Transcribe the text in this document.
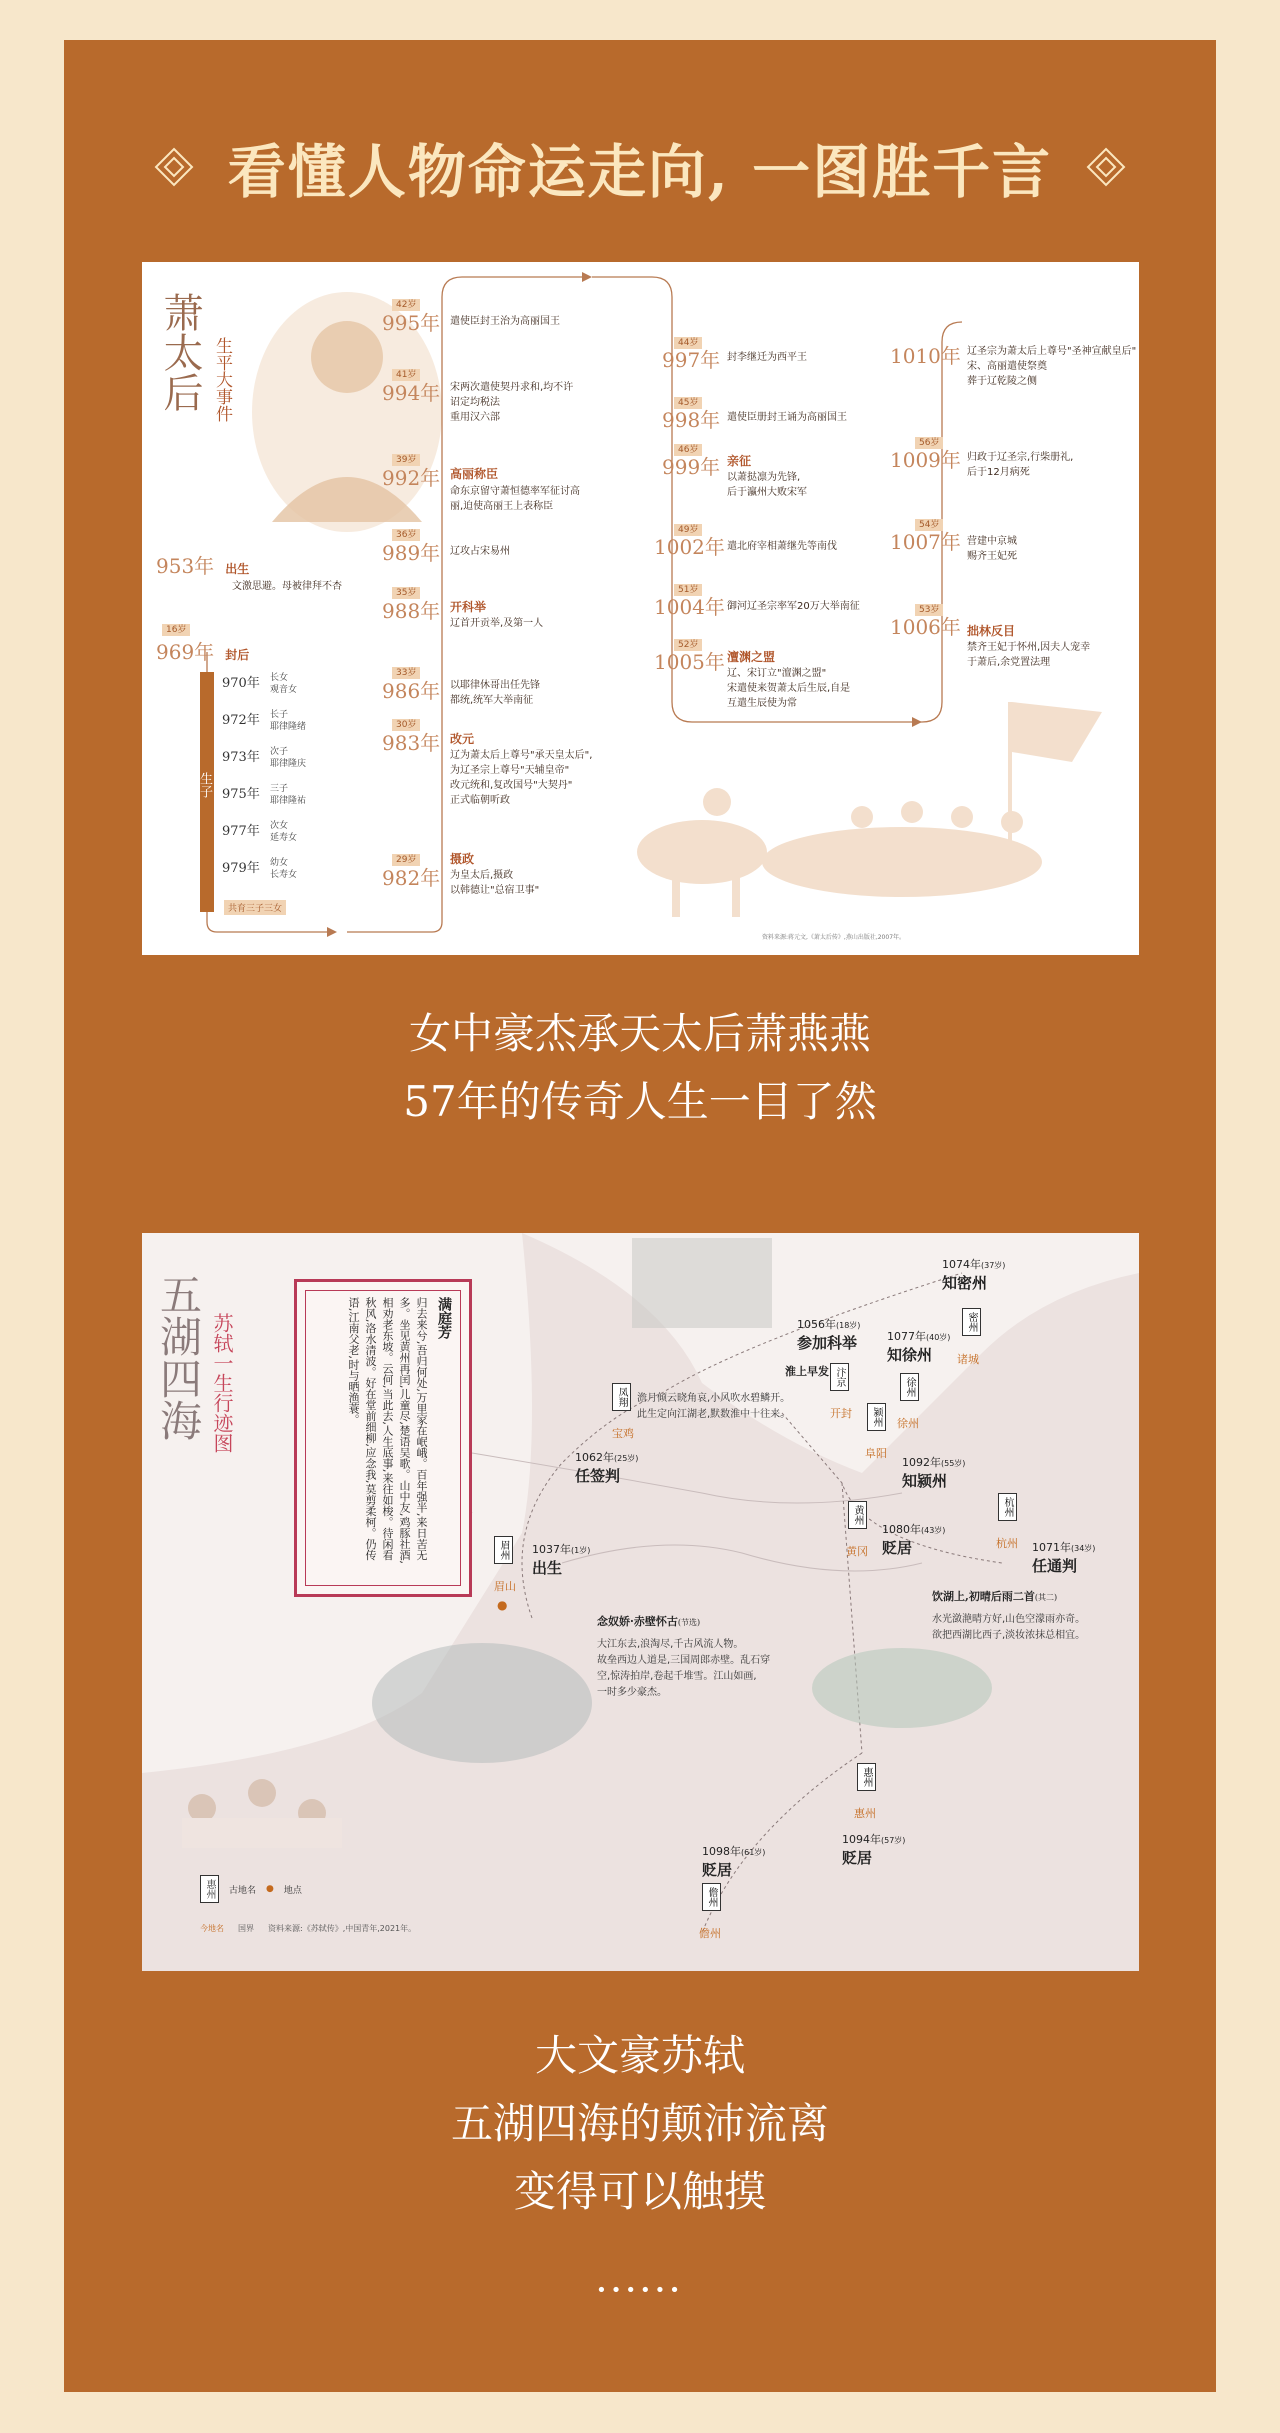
看懂人物命运走向, 一图胜千言
萧太后 生平大事件
953年 出生
文激思避。母被律拜不杏
16岁
969年 封后
生子
970年	长女
观音女
972年	长子
耶律隆绪
973年	次子
耶律隆庆
975年	三子
耶律隆祐
977年	次女
延寿女
979年	幼女
长寿女
共育三子三女
42岁
995年 遣使臣封王治为高丽国王
41岁
994年 宋两次遣使契丹求和,均不许
诏定均税法
重用汉六部
39岁
992年 高丽称臣
命东京留守萧恒德率军征讨高
丽,迫使高丽王上表称臣
36岁
989年 辽攻占宋易州
35岁
988年 开科举
辽首开贡举,及第一人
33岁
986年 以耶律休哥出任先锋
都统,统军大举南征
30岁
983年 改元
辽为萧太后上尊号"承天皇太后",
为辽圣宗上尊号"天辅皇帝"
改元统和,复改国号"大契丹"
正式临朝听政
29岁
982年
摄政
为皇太后,摄政
以韩德让"总宿卫事"
44岁
997年 封李继迁为西平王
45岁
998年 遣使臣册封王诵为高丽国王
46岁
999年 亲征
以萧挞凛为先锋,
后于瀛州大败宋军
49岁
1002年 遣北府宰相萧继先等南伐
51岁
1004年 御河辽圣宗率军20万大举南征
52岁
1005年 澶渊之盟
辽、宋订立"澶渊之盟"
宋遣使来贺萧太后生辰,自是
互遣生辰使为常
1010年 辽圣宗为萧太后上尊号"圣神宣献皇后"
宋、高丽遣使祭奠
葬于辽乾陵之侧
56岁
1009年 归政于辽圣宗,行柴册礼,
后于12月病死
54岁
1007年 营建中京城
赐齐王妃死
53岁
1006年 拙林反目
禁齐王妃于怀州,因夫人宠幸
于萧后,余党置法理
资料来源:蒋元文,《萧太后传》,燕山出版社,2007年。
女中豪杰承天太后萧燕燕
57年的传奇人生一目了然
五湖四海 苏轼一生行迹图	满庭芳
归去来兮,吾归何处,万里家在岷峨。百年强半,来日苦无多。坐见黄州再闰,儿童尽,楚语吴歌。山中友,鸡豚社酒,相劝老东坡。云何,当此去,人生底事,来往如梭。待闲看秋风,洛水清波。好在堂前细柳,应念我,莫剪柔柯。仍传语,江南父老,时与晒渔蓑。
1037年(1岁)
出生
眉州
眉山
●
1062年(25岁)
任签判
凤翔
宝鸡
1056年(18岁)
参加科举
汴京
开封
1074年(37岁)
知密州
密州
诸城
1077年(40岁)
知徐州
徐州
徐州
1092年(55岁)
知颍州
颍州
阜阳
1080年(43岁)
贬居
黄州
黄冈	1071年(34岁)
任通判
杭州
杭州
1094年(57岁)
贬居
惠州
惠州
1098年(61岁)
贬居
儋州
儋州
淮上早发
澹月倾云晓角哀,小风吹水碧鳞开。
此生定向江湖老,默数淮中十往来。
念奴娇·赤壁怀古(节选)
大江东去,浪淘尽,千古风流人物。
故垒西边人道是,三国周郎赤壁。乱石穿
空,惊涛拍岸,卷起千堆雪。江山如画,
一时多少豪杰。
饮湖上,初晴后雨二首(其二)
水光潋滟晴方好,山色空濛雨亦奇。
欲把西湖比西子,淡妆浓抹总相宜。
惠州	古地名 ● 地点
今地名 国界 资料来源:《苏轼传》,中国青年,2021年。
大文豪苏轼
五湖四海的颠沛流离
变得可以触摸
••••••
